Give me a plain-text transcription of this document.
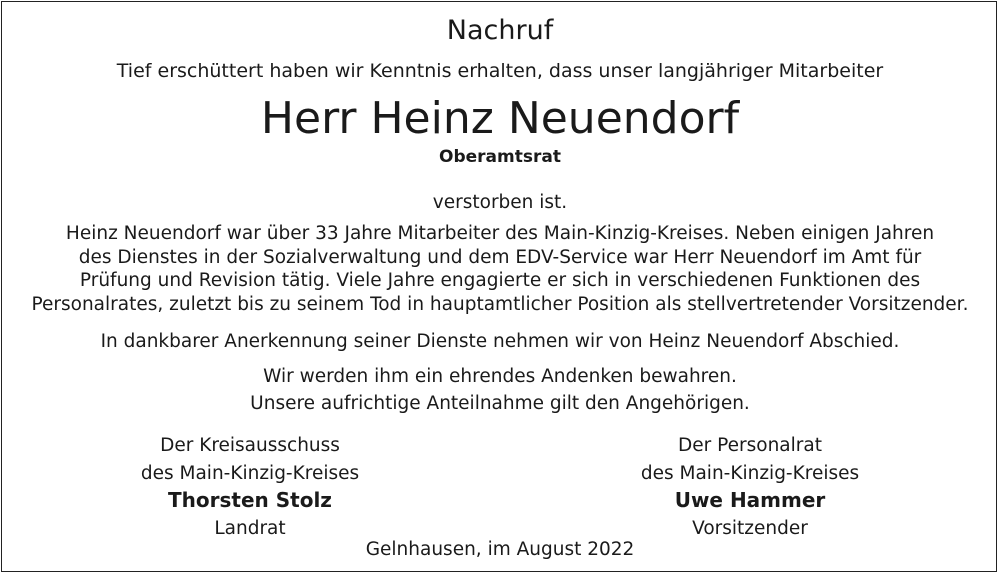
Nachruf
Tief erschüttert haben wir Kenntnis erhalten, dass unser langjähriger Mitarbeiter
Herr Heinz Neuendorf
Oberamtsrat
verstorben ist.
Heinz Neuendorf war über 33 Jahre Mitarbeiter des Main-Kinzig-Kreises. Neben einigen Jahren
des Dienstes in der Sozialverwaltung und dem EDV-Service war Herr Neuendorf im Amt für
Prüfung und Revision tätig. Viele Jahre engagierte er sich in verschiedenen Funktionen des
Personalrates, zuletzt bis zu seinem Tod in hauptamtlicher Position als stellvertretender Vorsitzender.
In dankbarer Anerkennung seiner Dienste nehmen wir von Heinz Neuendorf Abschied.
Wir werden ihm ein ehrendes Andenken bewahren.
Unsere aufrichtige Anteilnahme gilt den Angehörigen.
Der Kreisausschuss
des Main-Kinzig-Kreises
Thorsten Stolz
Landrat
Der Personalrat
des Main-Kinzig-Kreises
Uwe Hammer
Vorsitzender
Gelnhausen, im August 2022
